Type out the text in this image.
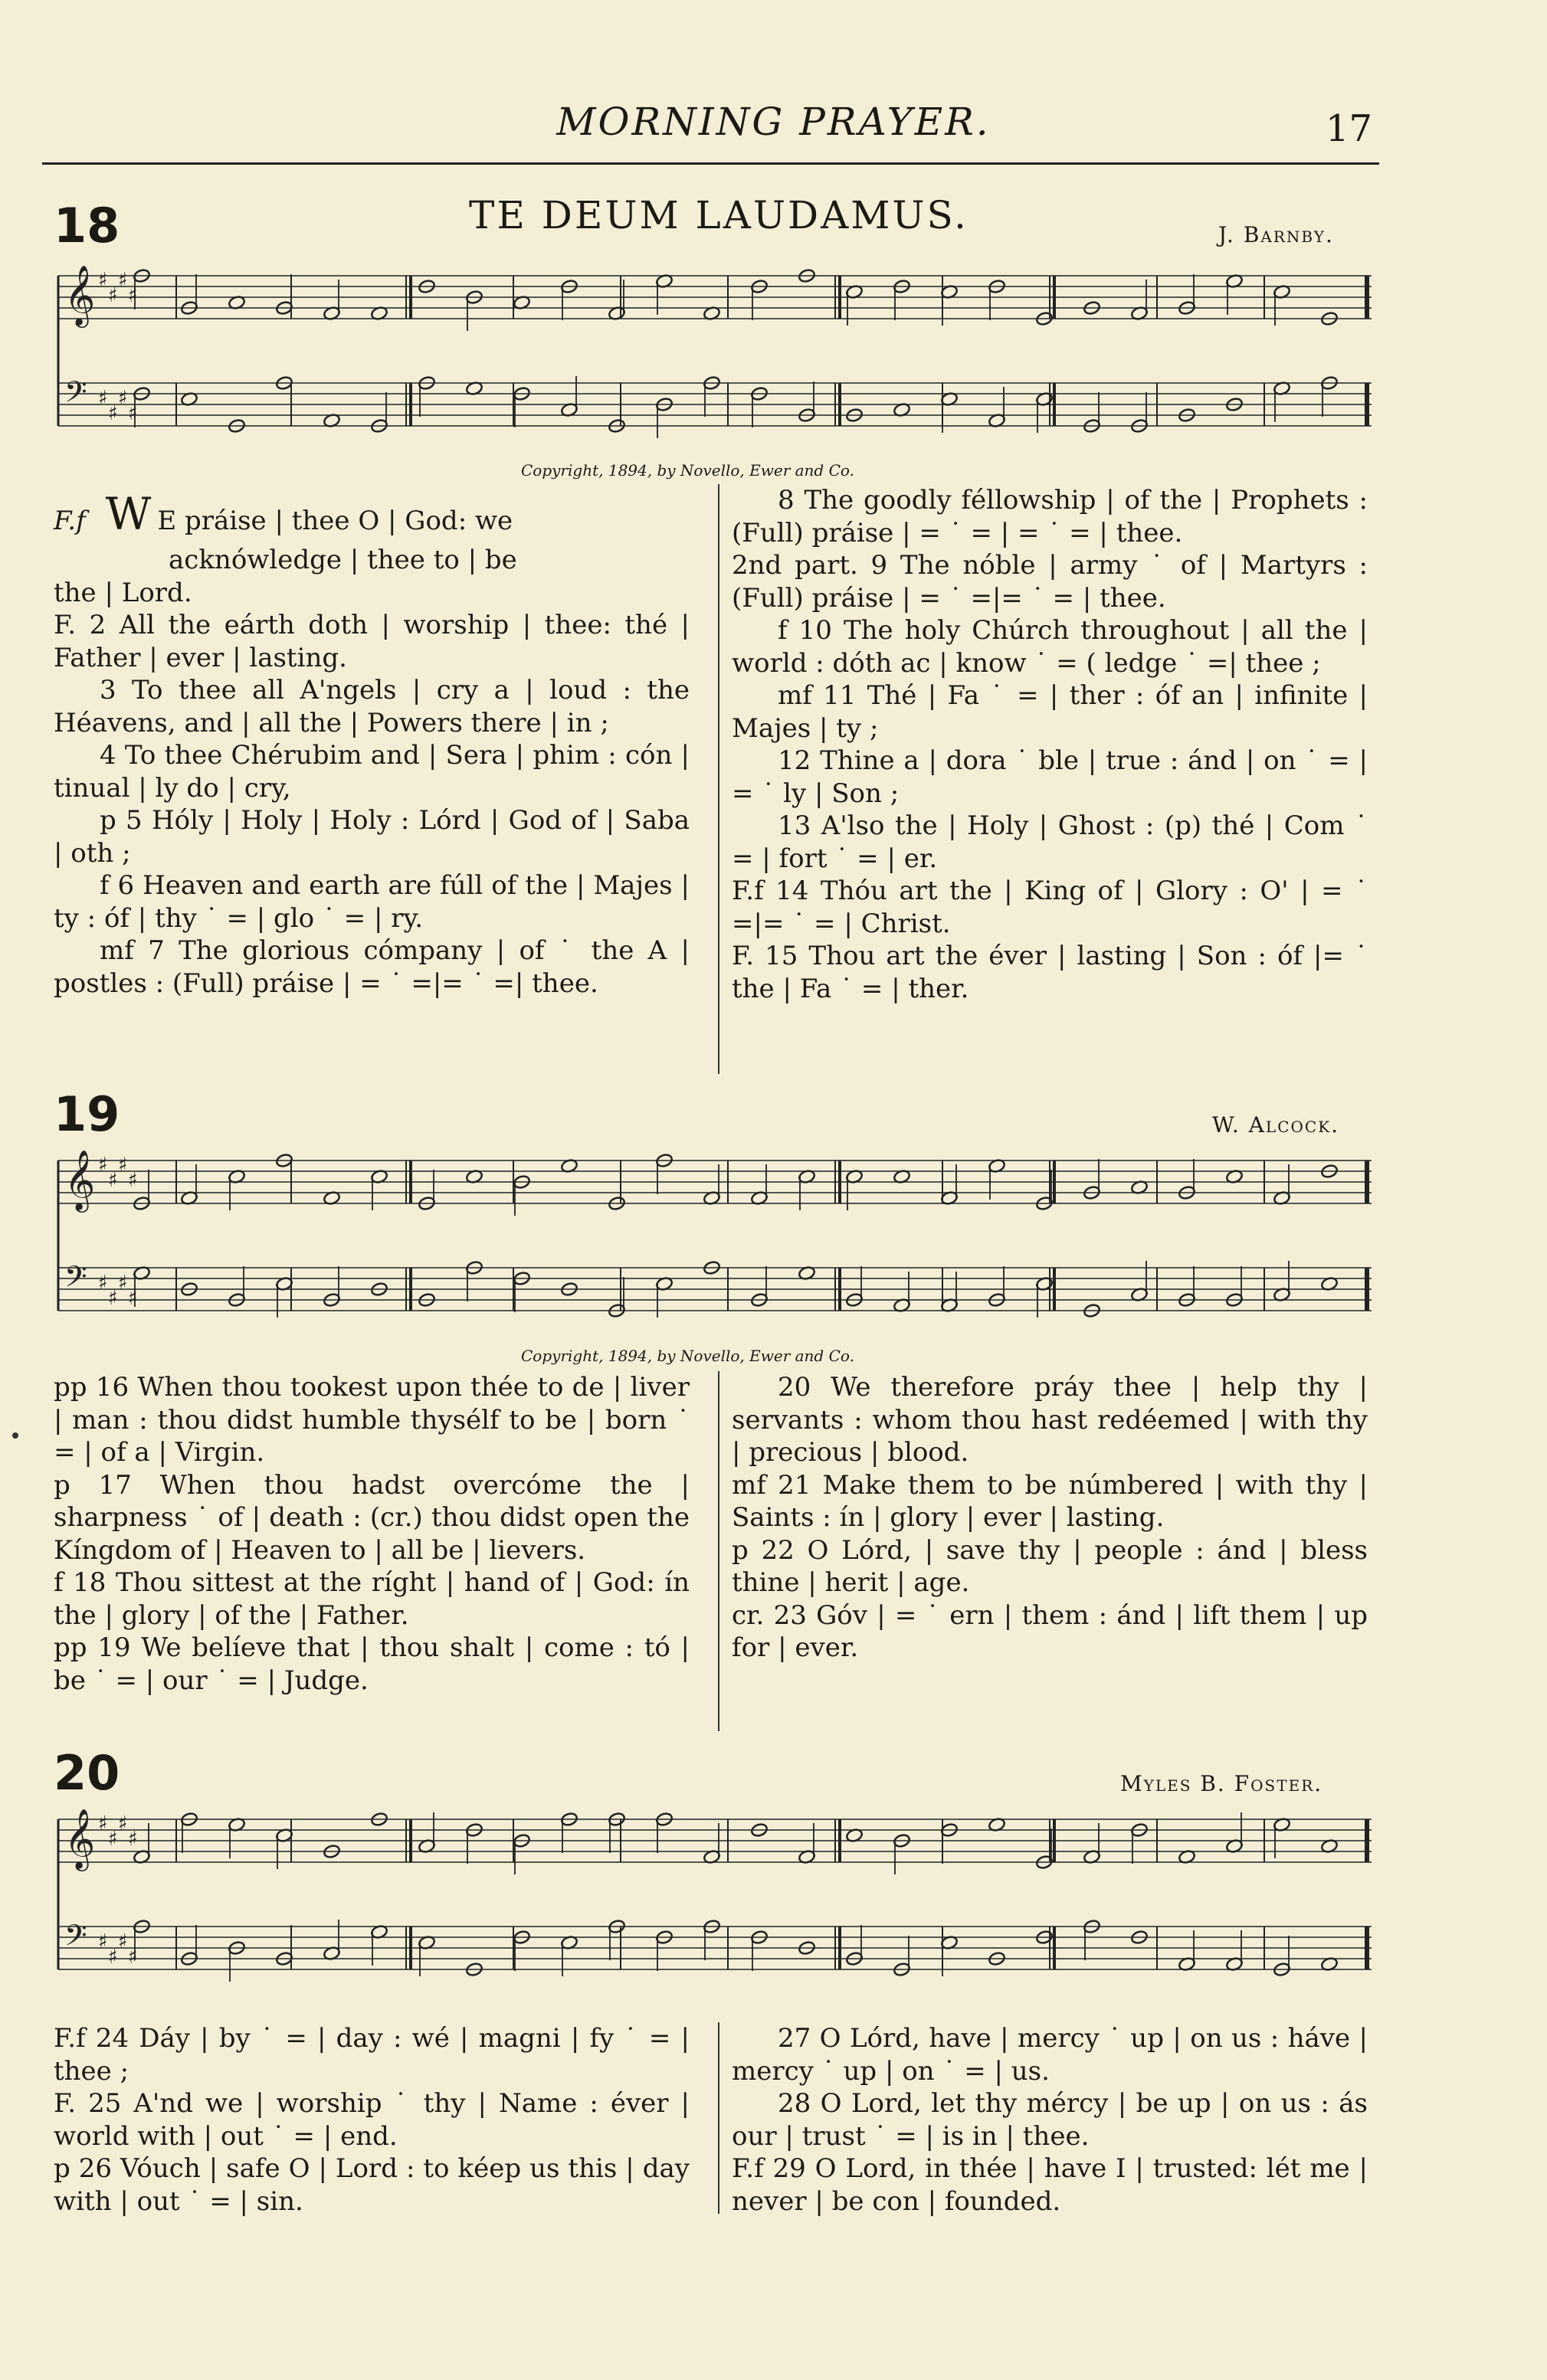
MORNING PRAYER.	17
18	TE DEUM LAUDAMUS.	J. Barnby.
𝄞 ♯
♯
♯
♯
𝄢 ♯
♯
♯
♯
Copyright, 1894, by Novello, Ewer and Co.

F.f W E práise | thee O | God: we

acknówledge | thee to | be

the | Lord.

F. 2 All the eárth doth | worship | thee: thé | Father | ever | lasting.

3 To thee all A'ngels | cry a | loud : the Héavens, and | all the | Powers there | in ;

4 To thee Chérubim and | Sera | phim : cón | tinual | ly do | cry,

p 5 Hóly | Holy | Holy : Lórd | God of | Saba | oth ;

f 6 Heaven and earth are fúll of the | Majes | ty : óf | thy ˙ = | glo ˙ = | ry.

mf 7 The glorious cómpany | of ˙ the A | postles : (Full) práise | = ˙ =|= ˙ =| thee.

8 The goodly féllowship | of the | Prophets : (Full) práise | = ˙ = | = ˙ = | thee.

2nd part. 9 The nóble | army ˙ of | Martyrs : (Full) práise | = ˙ =|= ˙ = | thee.

f 10 The holy Chúrch throughout | all the | world : dóth ac | know ˙ = ( ledge ˙ =| thee ;

mf 11 Thé | Fa ˙ = | ther : óf an | infinite | Majes | ty ;

12 Thine a | dora ˙ ble | true : ánd | on ˙ = | = ˙ ly | Son ;

13 A'lso the | Holy | Ghost : (p) thé | Com ˙ = | fort ˙ = | er.

F.f 14 Thóu art the | King of | Glory : O' | = ˙ =|= ˙ = | Christ.

F. 15 Thou art the éver | lasting | Son : óf |= ˙ the | Fa ˙ = | ther.

19	W. Alcock.
𝄞 ♯
♯
♯
♯
𝄢 ♯
♯
♯
♯
Copyright, 1894, by Novello, Ewer and Co.

pp 16 When thou tookest upon thée to de | liver | man : thou didst humble thysélf to be | born ˙ = | of a | Virgin.

p 17 When thou hadst overcóme the | sharpness ˙ of | death : (cr.) thou didst open the Kíngdom of | Heaven to | all be | lievers.

f 18 Thou sittest at the ríght | hand of | God: ín the | glory | of the | Father.

pp 19 We belíeve that | thou shalt | come : tó | be ˙ = | our ˙ = | Judge.

20 We therefore práy thee | help thy | servants : whom thou hast redéemed | with thy | precious | blood.

mf 21 Make them to be númbered | with thy | Saints : ín | glory | ever | lasting.

p 22 O Lórd, | save thy | people : ánd | bless thine | herit | age.

cr. 23 Góv | = ˙ ern | them : ánd | lift them | up for | ever.

20	Myles B. Foster.
𝄞 ♯
♯
♯
♯
𝄢 ♯
♯
♯
♯

F.f 24 Dáy | by ˙ = | day : wé | magni | fy ˙ = | thee ;

F. 25 A'nd we | worship ˙ thy | Name : éver | world with | out ˙ = | end.

p 26 Vóuch | safe O | Lord : to kéep us this | day with | out ˙ = | sin.

27 O Lórd, have | mercy ˙ up | on us : háve | mercy ˙ up | on ˙ = | us.

28 O Lord, let thy mércy | be up | on us : ás our | trust ˙ = | is in | thee.

F.f 29 O Lord, in thée | have I | trusted: lét me | never | be con | founded.
